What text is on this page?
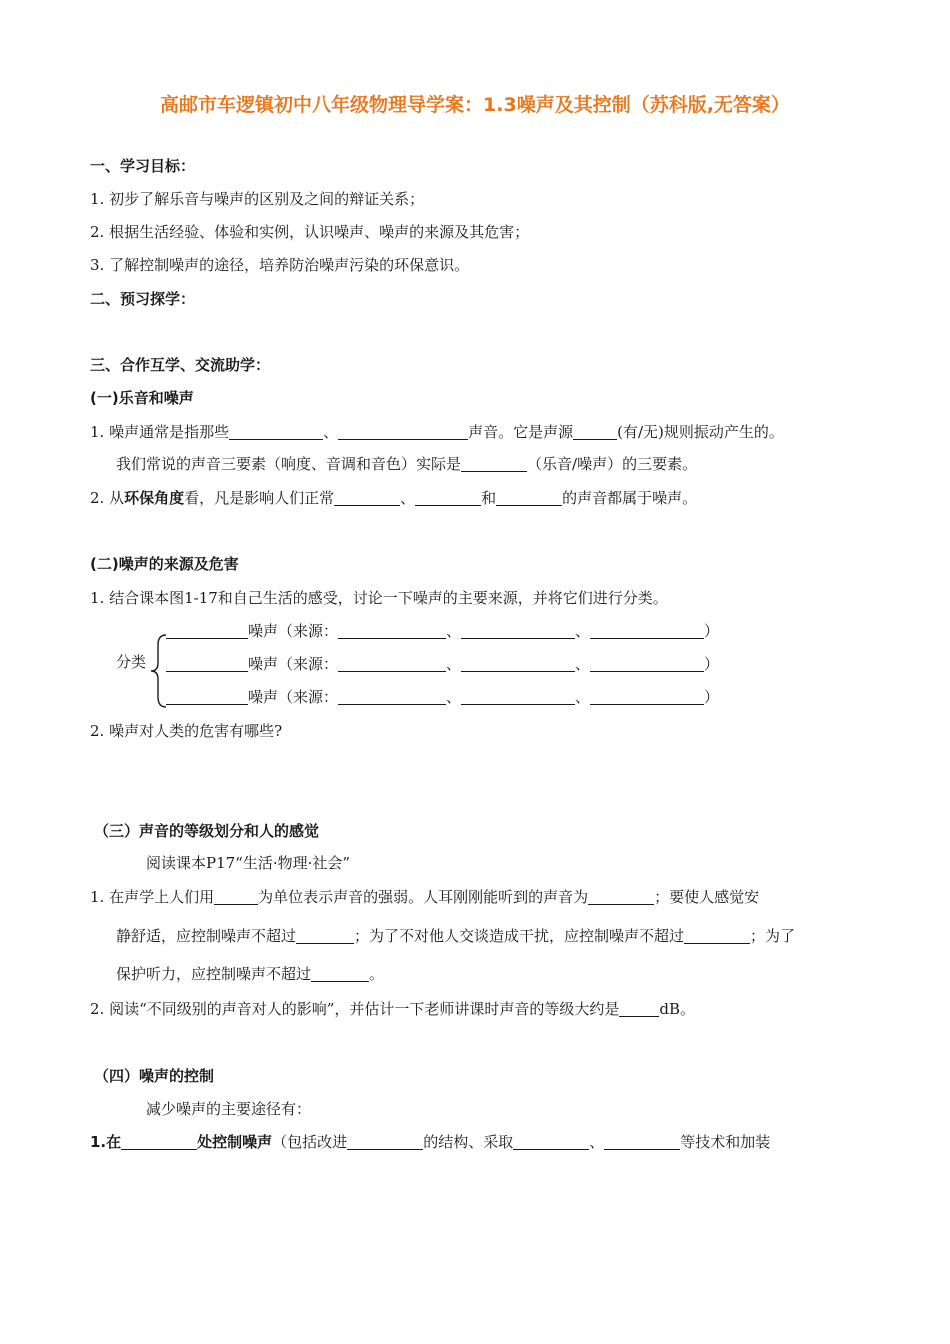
高邮市车逻镇初中八年级物理导学案：1.3噪声及其控制（苏科版,无答案）
一、学习目标：
1. 初步了解乐音与噪声的区别及之间的辩证关系；
2. 根据生活经验、体验和实例，认识噪声、噪声的来源及其危害；
3. 了解控制噪声的途径，培养防治噪声污染的环保意识。
二、预习探学：
三、合作互学、交流助学：
(一)乐音和噪声
1. 噪声通常是指那些	、	声音。它是声源	(有/无)规则振动产生的。
我们常说的声音三要素（响度、音调和音色）实际是	（乐音/噪声）的三要素。
2. 从环保角度看，凡是影响人们正常	、	和	的声音都属于噪声。
(二)噪声的来源及危害
1. 结合课本图1-17和自己生活的感受，讨论一下噪声的主要来源，并将它们进行分类。
分类
噪声（来源：	、	、	）
噪声（来源：	、	、	）
噪声（来源：	、	、	）
2. 噪声对人类的危害有哪些?
（三）声音的等级划分和人的感觉
阅读课本P17“生活·物理·社会”
1. 在声学上人们用	为单位表示声音的强弱。人耳刚刚能听到的声音为	；要使人感觉安
静舒适，应控制噪声不超过	；为了不对他人交谈造成干扰，应控制噪声不超过	；为了
保护听力，应控制噪声不超过	。
2. 阅读“不同级别的声音对人的影响”，并估计一下老师讲课时声音的等级大约是	dB。
（四）噪声的控制
减少噪声的主要途径有：
1.在	处控制噪声（包括改进	的结构、采取	、	等技术和加装
